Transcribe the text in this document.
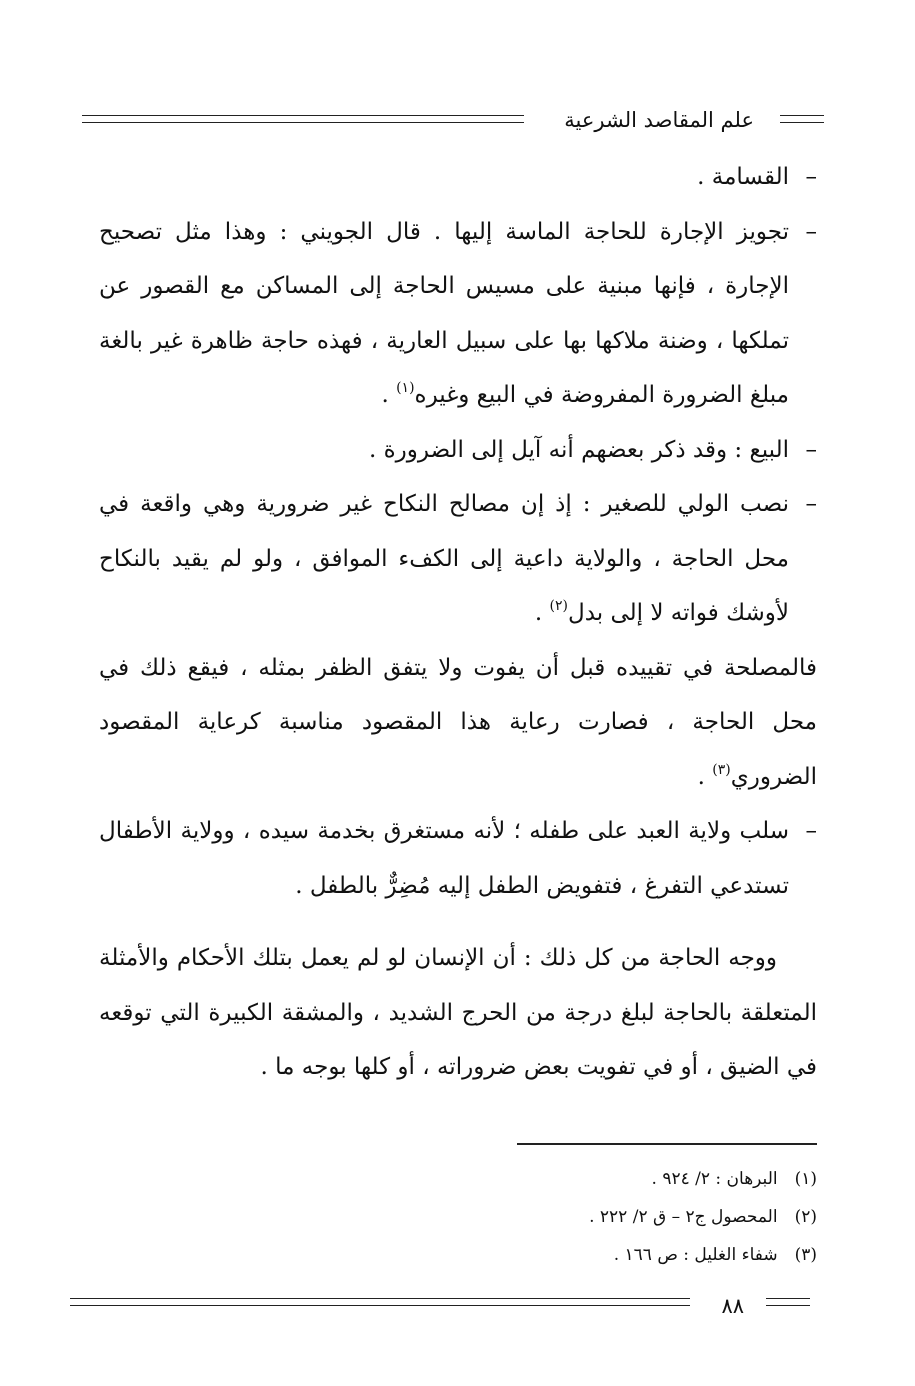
علم المقاصد الشرعية

–
القسامة .

–
تجويز الإجارة للحاجة الماسة إليها . قال الجويني : وهذا مثل تصحيح الإجارة ، فإنها مبنية على مسيس الحاجة إلى المساكن مع القصور عن تملكها ، وضنة ملاكها بها على سبيل العارية ، فهذه حاجة ظاهرة غير بالغة مبلغ الضرورة المفروضة في البيع وغيره$^{(١)}$ .

–
البيع : وقد ذكر بعضهم أنه آيل إلى الضرورة .

–
نصب الولي للصغير : إذ إن مصالح النكاح غير ضرورية وهي واقعة في محل الحاجة ، والولاية داعية إلى الكفء الموافق ، ولو لم يقيد بالنكاح لأوشك فواته لا إلى بدل$^{(٢)}$ .

فالمصلحة في تقييده قبل أن يفوت ولا يتفق الظفر بمثله ، فيقع ذلك في محل الحاجة ، فصارت رعاية هذا المقصود مناسبة كرعاية المقصود الضروري$^{(٣)}$ .

–
سلب ولاية العبد على طفله ؛ لأنه مستغرق بخدمة سيده ، وولاية الأطفال تستدعي التفرغ ، فتفويض الطفل إليه مُضِرٌّ بالطفل .

ووجه الحاجة من كل ذلك : أن الإنسان لو لم يعمل بتلك الأحكام والأمثلة المتعلقة بالحاجة لبلغ درجة من الحرج الشديد ، والمشقة الكبيرة التي توقعه في الضيق ، أو في تفويت بعض ضروراته ، أو كلها بوجه ما .

(١) البرهان : ٢/ ٩٢٤ .

(٢) المحصول ج٢ – ق ٢/ ٢٢٢ .

(٣) شفاء الغليل : ص ١٦٦ .

٨٨
